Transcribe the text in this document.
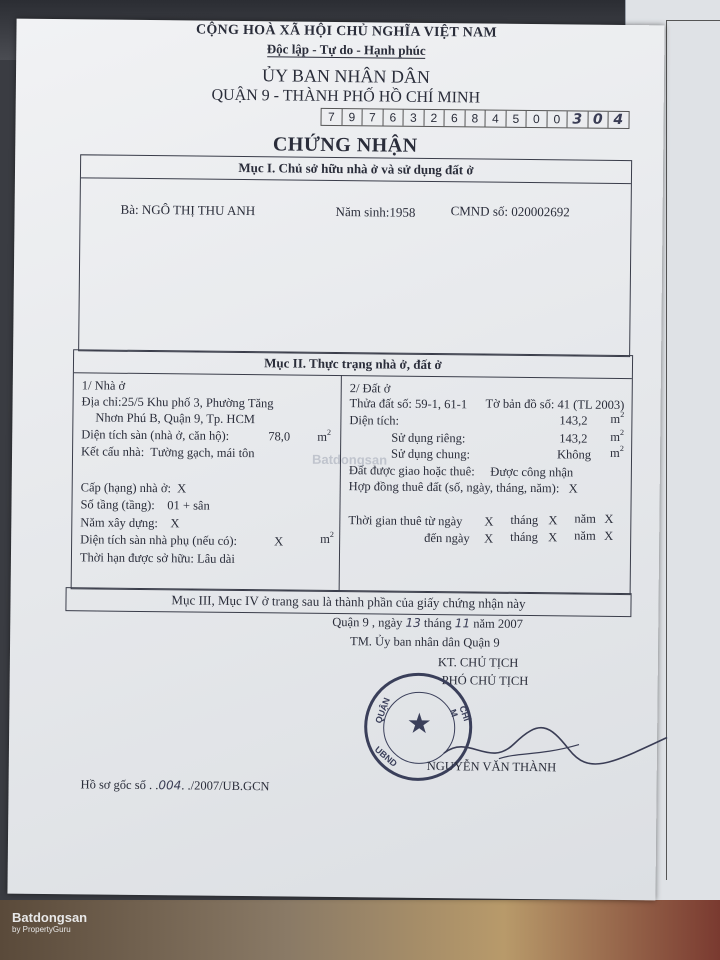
CỘNG HOÀ XÃ HỘI CHỦ NGHĨA VIỆT NAM
Độc lập - Tự do - Hạnh phúc
ỦY BAN NHÂN DÂN
QUẬN 9 - THÀNH PHỐ HỒ CHÍ MINH
7	9	7	6	3	2	6	8	4	5	0	0 3 0 4
CHỨNG NHẬN
Mục I. Chủ sở hữu nhà ở và sử dụng đất ở
Bà: NGÔ THỊ THU ANH	Năm sinh:1958	CMND số: 020002692
Mục II. Thực trạng nhà ở, đất ở
1/ Nhà ở
Địa chỉ:25/5 Khu phố 3, Phường Tăng
Nhơn Phú B, Quận 9, Tp. HCM
Diện tích sàn (nhà ở, căn hộ):	78,0 $m^2$
Kết cấu nhà: Tường gạch, mái tôn
Cấp (hạng) nhà ở: X
Số tầng (tầng): 01 + sân
Năm xây dựng: X
Diện tích sàn nhà phụ (nếu có):	X	$m^2$
Thời hạn được sở hữu: Lâu dài
2/ Đất ở
Thửa đất số: 59-1, 61-1 Tờ bản đồ số: 41 (TL 2003)
Diện tích:	143,2 $m^2$
Sử dụng riêng:	143,2 $m^2$
Sử dụng chung:	Không $m^2$
Đất được giao hoặc thuê: Được công nhận
Hợp đồng thuê đất (số, ngày, tháng, năm): X
Thời gian thuê từ ngày X tháng X năm X
đến ngày X tháng X năm X
Mục III, Mục IV ở trang sau là thành phần của giấy chứng nhận này
Quận 9 , ngày 13 tháng 11 năm 2007
TM. Ủy ban nhân dân Quận 9
KT. CHỦ TỊCH
PHÓ CHỦ TỊCH
★
QUẬN	CHÍ M
UBND NGUYỄN VĂN THÀNH
Hồ sơ gốc số . .004. ./2007/UB.GCN
Batdongsan
Batdongsan
by PropertyGuru
